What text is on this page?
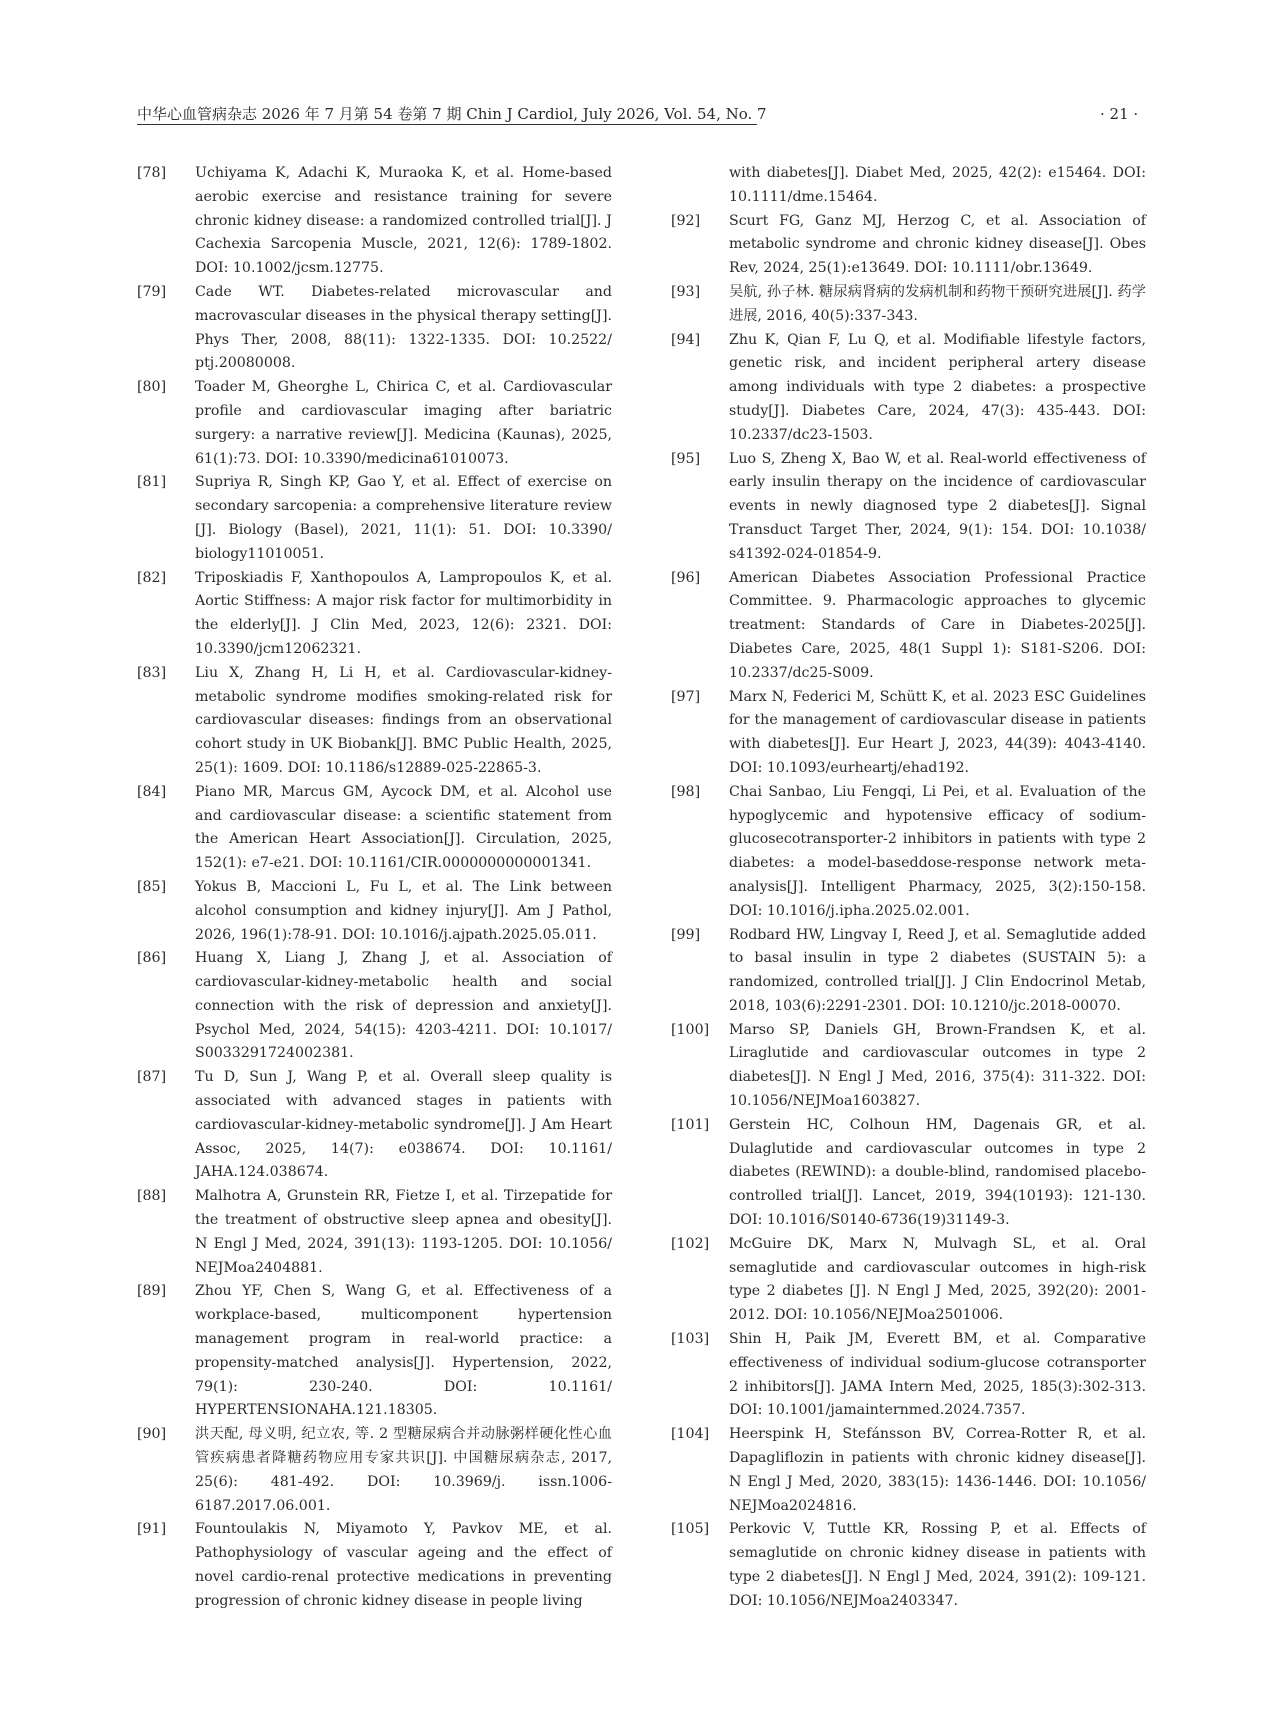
中华心血管病杂志 2026 年 7 月第 54 卷第 7 期 Chin J Cardiol, July 2026, Vol. 54, No. 7	· 21 ·
[78]	Uchiyama K, Adachi K, Muraoka K, et al. Home-based aerobic exercise and resistance training for severe chronic kidney disease: a randomized controlled trial[J]. J Cachexia Sarcopenia Muscle, 2021, 12(6): 1789-1802. DOI: 10.1002/jcsm.12775.
[79]	Cade WT. Diabetes-related microvascular and macrovascular diseases in the physical therapy setting[J]. Phys Ther, 2008, 88(11): 1322-1335. DOI: 10.2522/ ptj.20080008.
[80]	Toader M, Gheorghe L, Chirica C, et al. Cardiovascular profile and cardiovascular imaging after bariatric surgery: a narrative review[J]. Medicina (Kaunas), 2025, 61(1):73. DOI: 10.3390/medicina61010073.
[81]	Supriya R, Singh KP, Gao Y, et al. Effect of exercise on secondary sarcopenia: a comprehensive literature review [J]. Biology (Basel), 2021, 11(1): 51. DOI: 10.3390/ biology11010051.
[82]	Triposkiadis F, Xanthopoulos A, Lampropoulos K, et al. Aortic Stiffness: A major risk factor for multimorbidity in the elderly[J]. J Clin Med, 2023, 12(6): 2321. DOI: 10.3390/jcm12062321.
[83]	Liu X, Zhang H, Li H, et al. Cardiovascular-kidney-metabolic syndrome modifies smoking-related risk for cardiovascular diseases: findings from an observational cohort study in UK Biobank[J]. BMC Public Health, 2025, 25(1): 1609. DOI: 10.1186/s12889-025-22865-3.
[84]	Piano MR, Marcus GM, Aycock DM, et al. Alcohol use and cardiovascular disease: a scientific statement from the American Heart Association[J]. Circulation, 2025, 152(1): e7-e21. DOI: 10.1161/CIR.0000000000001341.
[85]	Yokus B, Maccioni L, Fu L, et al. The Link between alcohol consumption and kidney injury[J]. Am J Pathol, 2026, 196(1):78-91. DOI: 10.1016/j.ajpath.2025.05.011.
[86]	Huang X, Liang J, Zhang J, et al. Association of cardiovascular-kidney-metabolic health and social connection with the risk of depression and anxiety[J]. Psychol Med, 2024, 54(15): 4203-4211. DOI: 10.1017/ S0033291724002381.
[87]	Tu D, Sun J, Wang P, et al. Overall sleep quality is associated with advanced stages in patients with cardiovascular-kidney-metabolic syndrome[J]. J Am Heart Assoc, 2025, 14(7): e038674. DOI: 10.1161/ JAHA.124.038674.
[88]	Malhotra A, Grunstein RR, Fietze I, et al. Tirzepatide for the treatment of obstructive sleep apnea and obesity[J]. N Engl J Med, 2024, 391(13): 1193-1205. DOI: 10.1056/ NEJMoa2404881.
[89]	Zhou YF, Chen S, Wang G, et al. Effectiveness of a workplace-based, multicomponent hypertension management program in real-world practice: a propensity-matched analysis[J]. Hypertension, 2022, 79(1): 230-240. DOI: 10.1161/ HYPERTENSIONAHA.121.18305.
[90]	洪天配, 母义明, 纪立农, 等. 2 型糖尿病合并动脉粥样硬化性心血管疾病患者降糖药物应用专家共识[J]. 中国糖尿病杂志, 2017, 25(6): 481-492. DOI: 10.3969/j. issn.1006-6187.2017.06.001.
[91]	Fountoulakis N, Miyamoto Y, Pavkov ME, et al. Pathophysiology of vascular ageing and the effect of novel cardio-renal protective medications in preventing progression of chronic kidney disease in people living
with diabetes[J]. Diabet Med, 2025, 42(2): e15464. DOI: 10.1111/dme.15464.
[92]	Scurt FG, Ganz MJ, Herzog C, et al. Association of metabolic syndrome and chronic kidney disease[J]. Obes Rev, 2024, 25(1):e13649. DOI: 10.1111/obr.13649.
[93]	吴航, 孙子林. 糖尿病肾病的发病机制和药物干预研究进展[J]. 药学进展, 2016, 40(5):337-343.
[94]	Zhu K, Qian F, Lu Q, et al. Modifiable lifestyle factors, genetic risk, and incident peripheral artery disease among individuals with type 2 diabetes: a prospective study[J]. Diabetes Care, 2024, 47(3): 435-443. DOI: 10.2337/dc23-1503.
[95]	Luo S, Zheng X, Bao W, et al. Real-world effectiveness of early insulin therapy on the incidence of cardiovascular events in newly diagnosed type 2 diabetes[J]. Signal Transduct Target Ther, 2024, 9(1): 154. DOI: 10.1038/ s41392-024-01854-9.
[96]	American Diabetes Association Professional Practice Committee. 9. Pharmacologic approaches to glycemic treatment: Standards of Care in Diabetes-2025[J]. Diabetes Care, 2025, 48(1 Suppl 1): S181-S206. DOI: 10.2337/dc25-S009.
[97]	Marx N, Federici M, Schütt K, et al. 2023 ESC Guidelines for the management of cardiovascular disease in patients with diabetes[J]. Eur Heart J, 2023, 44(39): 4043-4140. DOI: 10.1093/eurheartj/ehad192.
[98]	Chai Sanbao, Liu Fengqi, Li Pei, et al. Evaluation of the hypoglycemic and hypotensive efficacy of sodium-glucosecotransporter-2 inhibitors in patients with type 2 diabetes: a model-baseddose-response network meta-analysis[J]. Intelligent Pharmacy, 2025, 3(2):150-158. DOI: 10.1016/j.ipha.2025.02.001.
[99]	Rodbard HW, Lingvay I, Reed J, et al. Semaglutide added to basal insulin in type 2 diabetes (SUSTAIN 5): a randomized, controlled trial[J]. J Clin Endocrinol Metab, 2018, 103(6):2291-2301. DOI: 10.1210/jc.2018-00070.
[100]	Marso SP, Daniels GH, Brown-Frandsen K, et al. Liraglutide and cardiovascular outcomes in type 2 diabetes[J]. N Engl J Med, 2016, 375(4): 311-322. DOI: 10.1056/NEJMoa1603827.
[101]	Gerstein HC, Colhoun HM, Dagenais GR, et al. Dulaglutide and cardiovascular outcomes in type 2 diabetes (REWIND): a double-blind, randomised placebo-controlled trial[J]. Lancet, 2019, 394(10193): 121-130. DOI: 10.1016/S0140-6736(19)31149-3.
[102]	McGuire DK, Marx N, Mulvagh SL, et al. Oral semaglutide and cardiovascular outcomes in high-risk type 2 diabetes [J]. N Engl J Med, 2025, 392(20): 2001-2012. DOI: 10.1056/NEJMoa2501006.
[103]	Shin H, Paik JM, Everett BM, et al. Comparative effectiveness of individual sodium-glucose cotransporter 2 inhibitors[J]. JAMA Intern Med, 2025, 185(3):302-313. DOI: 10.1001/jamainternmed.2024.7357.
[104]	Heerspink H, Stefánsson BV, Correa-Rotter R, et al. Dapagliflozin in patients with chronic kidney disease[J]. N Engl J Med, 2020, 383(15): 1436-1446. DOI: 10.1056/ NEJMoa2024816.
[105]	Perkovic V, Tuttle KR, Rossing P, et al. Effects of semaglutide on chronic kidney disease in patients with type 2 diabetes[J]. N Engl J Med, 2024, 391(2): 109-121. DOI: 10.1056/NEJMoa2403347.
